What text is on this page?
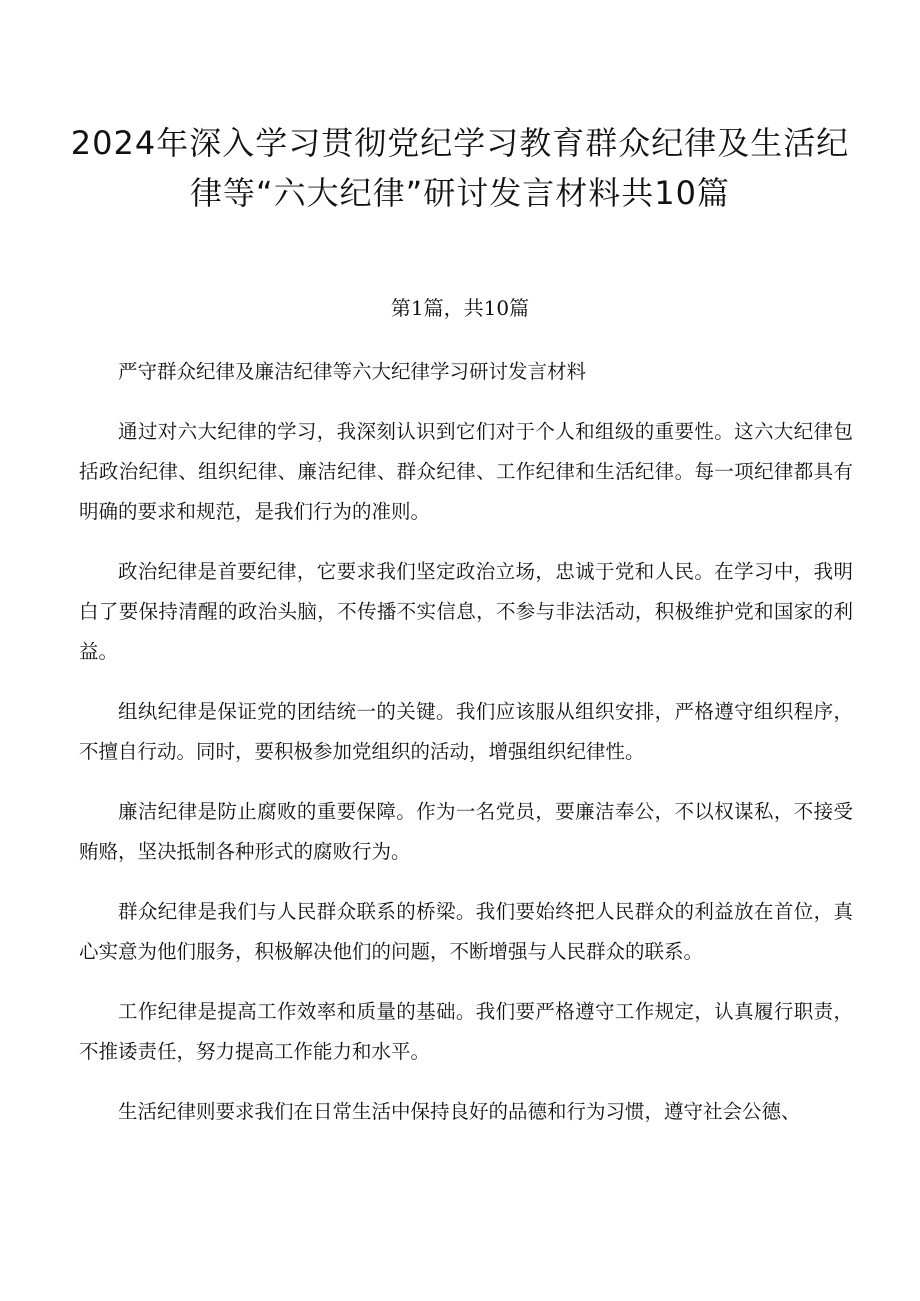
2024年深入学习贯彻党纪学习教育群众纪律及生活纪律等“六大纪律”研讨发言材料共10篇
第1篇，共10篇

严守群众纪律及廉洁纪律等六大纪律学习研讨发言材料

通过对六大纪律的学习，我深刻认识到它们对于个人和组级的重要性。这六大纪律包括政治纪律、组织纪律、廉洁纪律、群众纪律、工作纪律和生活纪律。每一项纪律都具有明确的要求和规范，是我们行为的准则。

政治纪律是首要纪律，它要求我们坚定政治立场，忠诚于党和人民。在学习中，我明白了要保持清醒的政治头脑，不传播不实信息，不参与非法活动，积极维护党和国家的利益。

组纨纪律是保证党的团结统一的关键。我们应该服从组织安排，严格遵守组织程序，不擅自行动。同时，要积极参加党组织的活动，增强组织纪律性。

廉洁纪律是防止腐败的重要保障。作为一名党员，要廉洁奉公，不以权谋私，不接受贿赂，坚决抵制各种形式的腐败行为。

群众纪律是我们与人民群众联系的桥梁。我们要始终把人民群众的利益放在首位，真心实意为他们服务，积极解决他们的问题，不断增强与人民群众的联系。

工作纪律是提高工作效率和质量的基础。我们要严格遵守工作规定，认真履行职责，不推诿责任，努力提高工作能力和水平。

生活纪律则要求我们在日常生活中保持良好的品德和行为习惯，遵守社会公德、
